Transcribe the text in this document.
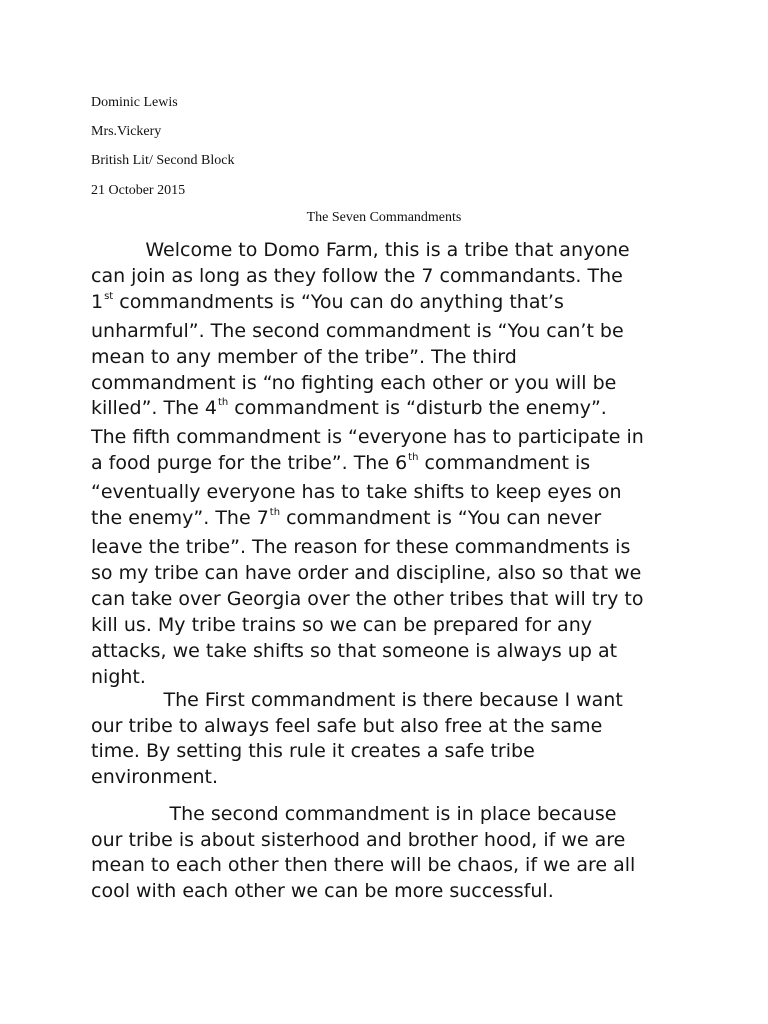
Dominic Lewis
Mrs.Vickery
British Lit/ Second Block
21 October 2015
The Seven Commandments
Welcome to Domo Farm, this is a tribe that anyone
can join as long as they follow the 7 commandants. The
1st commandments is “You can do anything that’s
unharmful”. The second commandment is “You can’t be
mean to any member of the tribe”. The third
commandment is “no fighting each other or you will be
killed”. The 4th commandment is “disturb the enemy”.
The fifth commandment is “everyone has to participate in
a food purge for the tribe”. The 6th commandment is
“eventually everyone has to take shifts to keep eyes on
the enemy”. The 7th commandment is “You can never
leave the tribe”. The reason for these commandments is
so my tribe can have order and discipline, also so that we
can take over Georgia over the other tribes that will try to
kill us. My tribe trains so we can be prepared for any
attacks, we take shifts so that someone is always up at
night.
The First commandment is there because I want
our tribe to always feel safe but also free at the same
time. By setting this rule it creates a safe tribe
environment.
The second commandment is in place because
our tribe is about sisterhood and brother hood, if we are
mean to each other then there will be chaos, if we are all
cool with each other we can be more successful.
